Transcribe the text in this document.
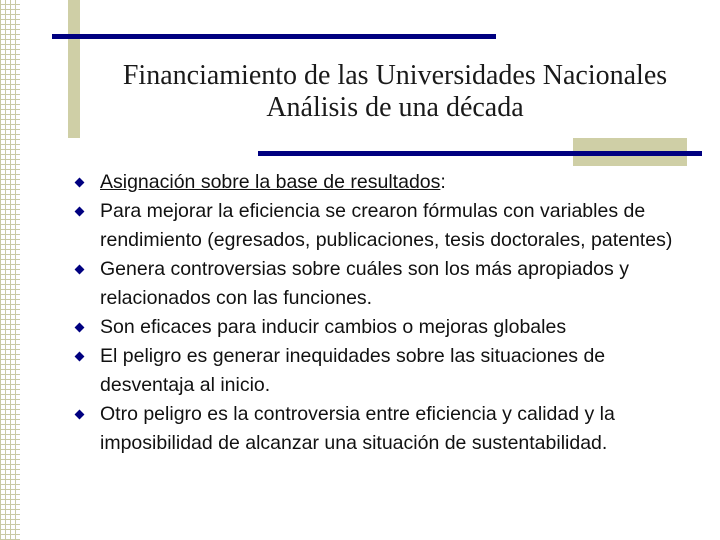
Financiamiento de las Universidades Nacionales
Análisis de una década
Asignación sobre la base de resultados:
Para mejorar la eficiencia se crearon fórmulas con variables de rendimiento (egresados, publicaciones, tesis doctorales, patentes)
Genera controversias sobre cuáles son los más apropiados y relacionados con las funciones.
Son eficaces para inducir cambios o mejoras globales
El peligro es generar inequidades sobre las situaciones de desventaja al inicio.
Otro peligro es la controversia entre eficiencia y calidad y la imposibilidad de alcanzar una situación de sustentabilidad.
